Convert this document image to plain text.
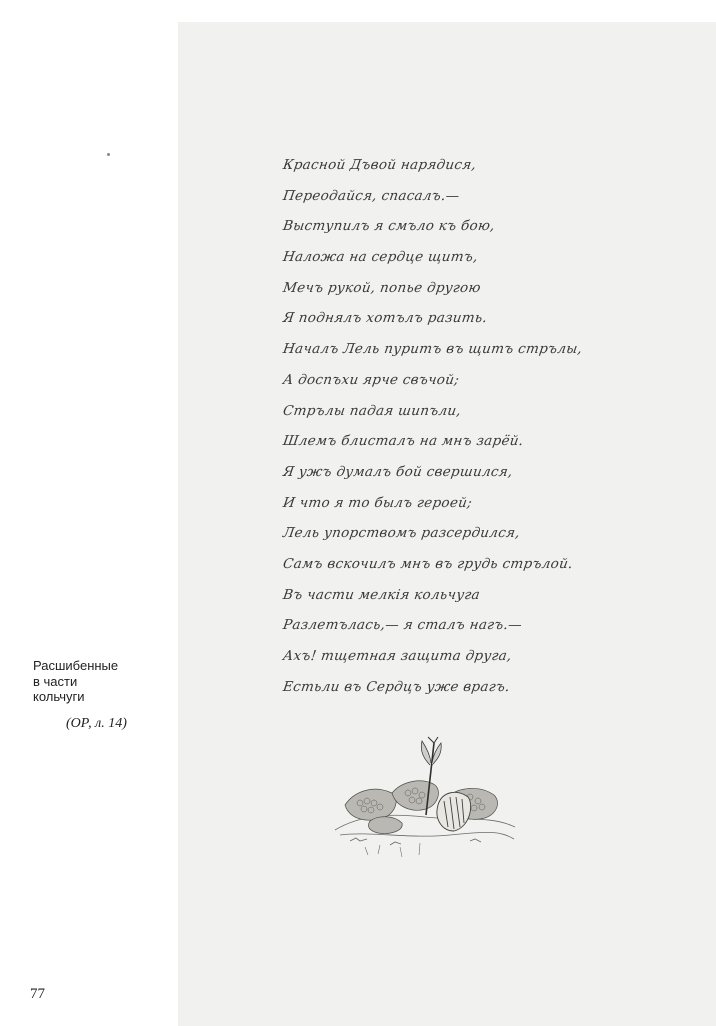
Красной Дъвой нарядися,
Переодайся, спасалъ.—
Выступилъ я смъло къ бою,
Наложа на сердце щитъ,
Мечъ рукой, попье другою
Я поднялъ хотълъ разить.
Началъ Лель пуритъ въ щитъ стрълы,
А доспъхи ярче свъчой;
Стрълы падая шипъли,
Шлемъ блисталъ на мнъ зарёй.
Я ужъ думалъ бой свершился,
И что я то былъ героей;
Лель упорствомъ разсердился,
Самъ вскочилъ мнъ въ грудь стрълой.
Въ части мелкія кольчуга
Разлетълась,— я сталъ нагъ.—
Ахъ! тщетная защита друга,
Естьли въ Сердцъ уже врагъ.
Расшибенные
в части
кольчуги
(ОР, л. 14)
77
